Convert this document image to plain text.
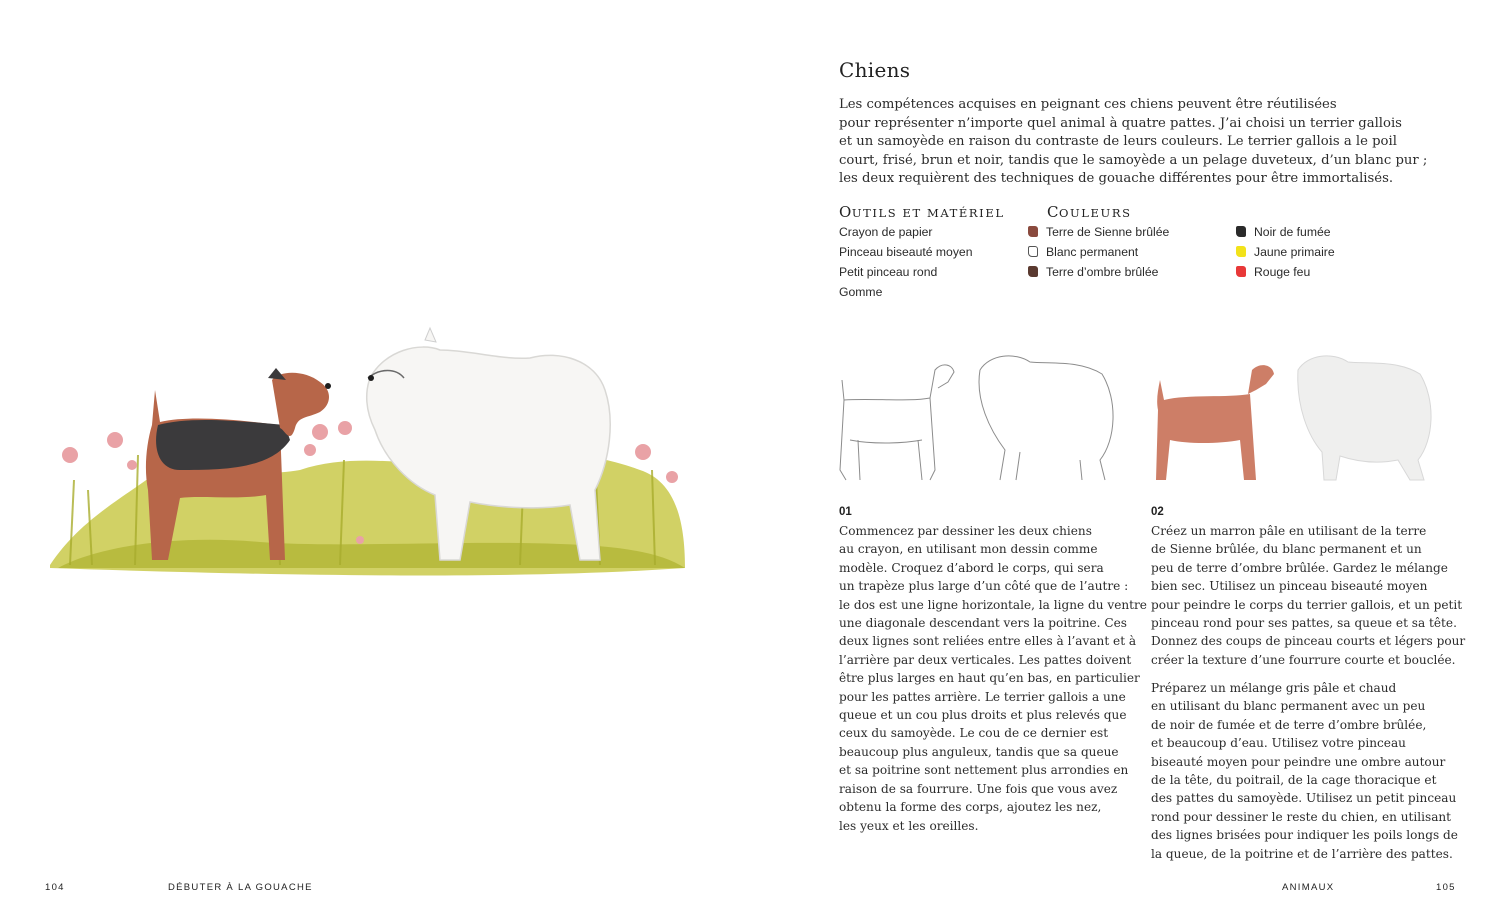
Chiens
Les compétences acquises en peignant ces chiens peuvent être réutilisées
pour représenter n’importe quel animal à quatre pattes. J’ai choisi un terrier gallois
et un samoyède en raison du contraste de leurs couleurs. Le terrier gallois a le poil
court, frisé, brun et noir, tandis que le samoyède a un pelage duveteux, d’un blanc pur ;
les deux requièrent des techniques de gouache différentes pour être immortalisés.
OUTILS ET MATÉRIEL
Crayon de papier
Pinceau biseauté moyen
Petit pinceau rond
Gomme
COULEURS
Terre de Sienne brûlée
Blanc permanent
Terre d’ombre brûlée
Noir de fumée
Jaune primaire
Rouge feu
01
Commencez par dessiner les deux chiens
au crayon, en utilisant mon dessin comme
modèle. Croquez d’abord le corps, qui sera
un trapèze plus large d’un côté que de l’autre :
le dos est une ligne horizontale, la ligne du ventre
une diagonale descendant vers la poitrine. Ces
deux lignes sont reliées entre elles à l’avant et à
l’arrière par deux verticales. Les pattes doivent
être plus larges en haut qu’en bas, en particulier
pour les pattes arrière. Le terrier gallois a une
queue et un cou plus droits et plus relevés que
ceux du samoyède. Le cou de ce dernier est
beaucoup plus anguleux, tandis que sa queue
et sa poitrine sont nettement plus arrondies en
raison de sa fourrure. Une fois que vous avez
obtenu la forme des corps, ajoutez les nez,
les yeux et les oreilles.
02
Créez un marron pâle en utilisant de la terre
de Sienne brûlée, du blanc permanent et un
peu de terre d’ombre brûlée. Gardez le mélange
bien sec. Utilisez un pinceau biseauté moyen
pour peindre le corps du terrier gallois, et un petit
pinceau rond pour ses pattes, sa queue et sa tête.
Donnez des coups de pinceau courts et légers pour
créer la texture d’une fourrure courte et bouclée.
Préparez un mélange gris pâle et chaud
en utilisant du blanc permanent avec un peu
de noir de fumée et de terre d’ombre brûlée,
et beaucoup d’eau. Utilisez votre pinceau
biseauté moyen pour peindre une ombre autour
de la tête, du poitrail, de la cage thoracique et
des pattes du samoyède. Utilisez un petit pinceau
rond pour dessiner le reste du chien, en utilisant
des lignes brisées pour indiquer les poils longs de
la queue, de la poitrine et de l’arrière des pattes.
104	DÉBUTER À LA GOUACHE	ANIMAUX	105
